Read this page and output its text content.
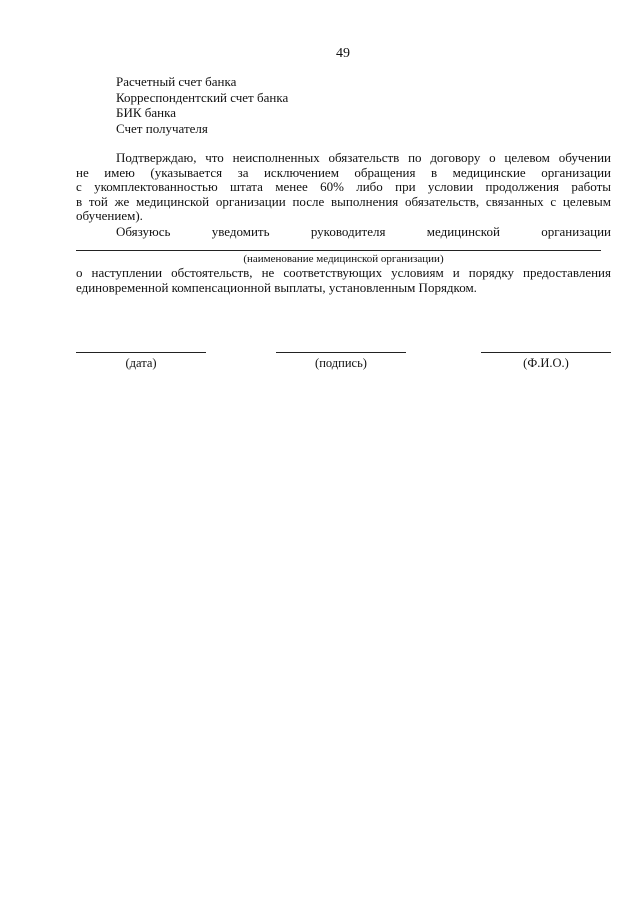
49
Расчетный счет банка
Корреспондентский счет банка
БИК банка
Счет получателя
Подтверждаю, что неисполненных обязательств по договору о целевом обучении
не имею (указывается за исключением обращения в медицинские организации
с укомплектованностью штата менее 60% либо при условии продолжения работы
в той же медицинской организации после выполнения обязательств, связанных с целевым
обучением).
Обязуюсь уведомить руководителя медицинской организации
(наименование медицинской организации)
о наступлении обстоятельств, не соответствующих условиям и порядку предоставления
единовременной компенсационной выплаты, установленным Порядком.
(дата)	(подпись)	(Ф.И.О.)
